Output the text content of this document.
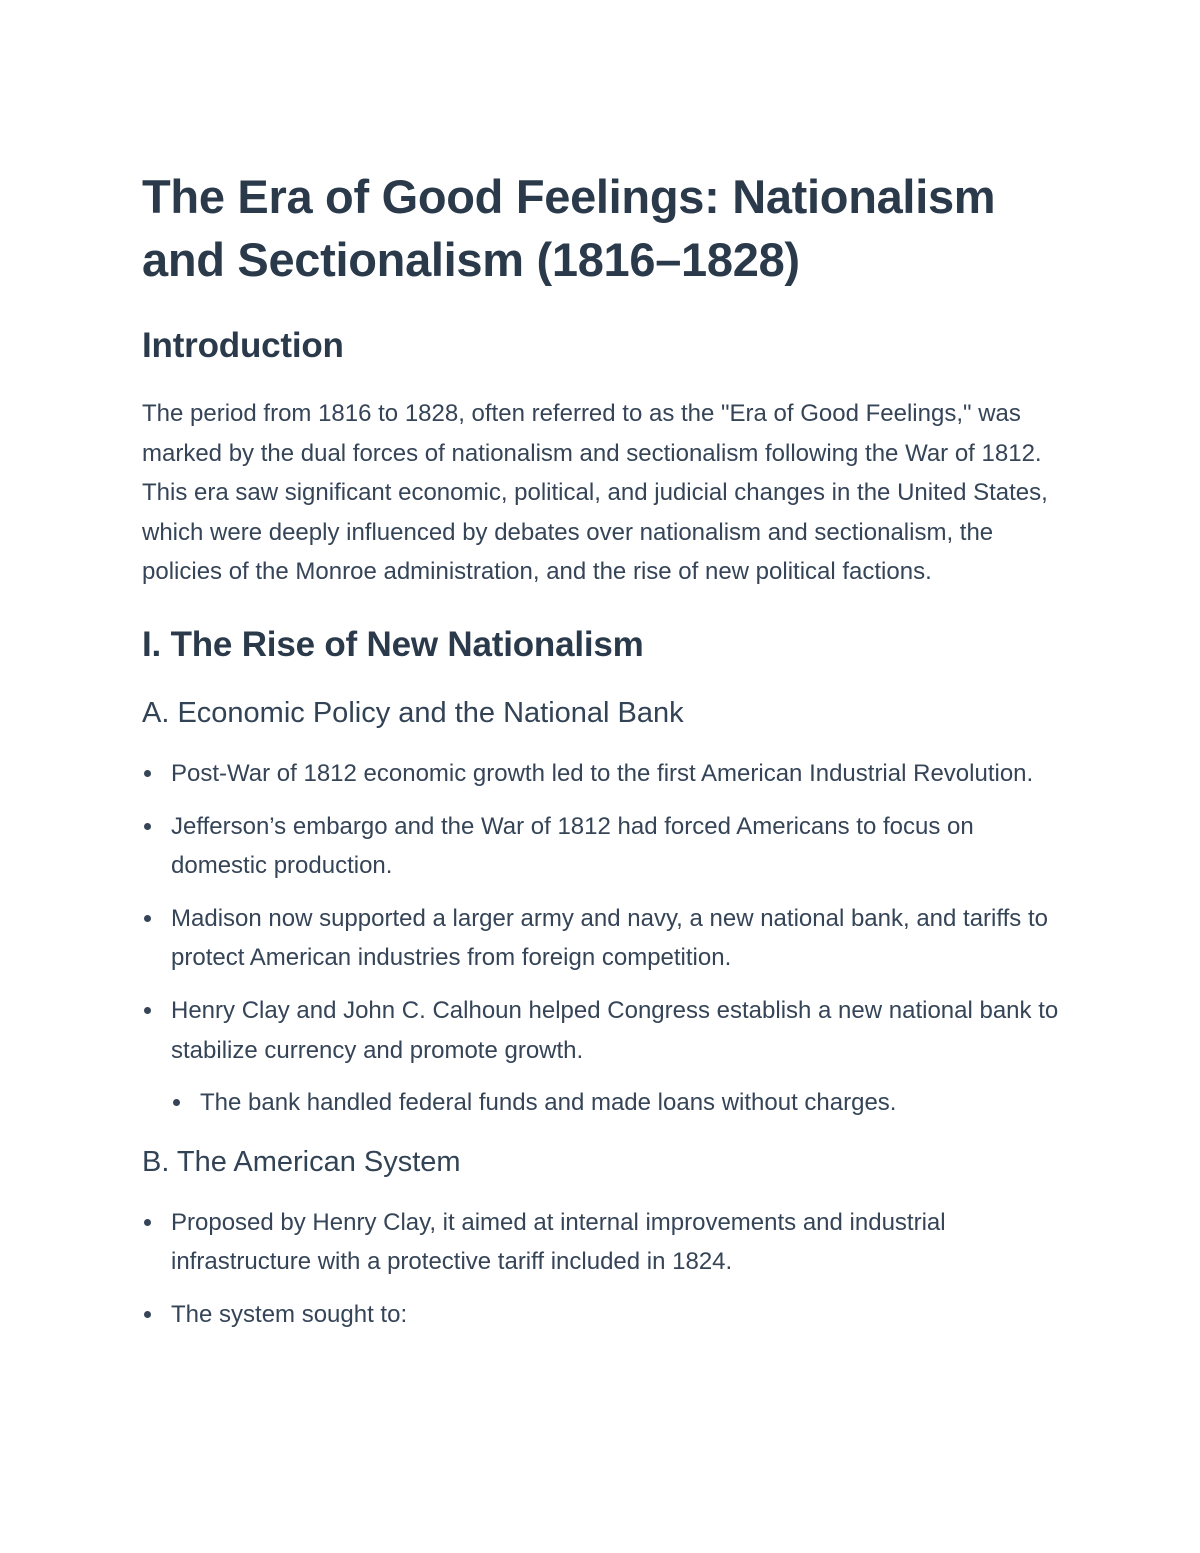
The Era of Good Feelings: Nationalism and Sectionalism (1816–1828)
Introduction

The period from 1816 to 1828, often referred to as the "Era of Good Feelings," was marked by the dual forces of nationalism and sectionalism following the War of 1812. This era saw significant economic, political, and judicial changes in the United States, which were deeply influenced by debates over nationalism and sectionalism, the policies of the Monroe administration, and the rise of new political factions.

I. The Rise of New Nationalism
A. Economic Policy and the National Bank
Post-War of 1812 economic growth led to the first American Industrial Revolution.
Jefferson’s embargo and the War of 1812 had forced Americans to focus on domestic production.
Madison now supported a larger army and navy, a new national bank, and tariffs to protect American industries from foreign competition.
Henry Clay and John C. Calhoun helped Congress establish a new national bank to stabilize currency and promote growth.
The bank handled federal funds and made loans without charges.
B. The American System
Proposed by Henry Clay, it aimed at internal improvements and industrial infrastructure with a protective tariff included in 1824.
The system sought to:
